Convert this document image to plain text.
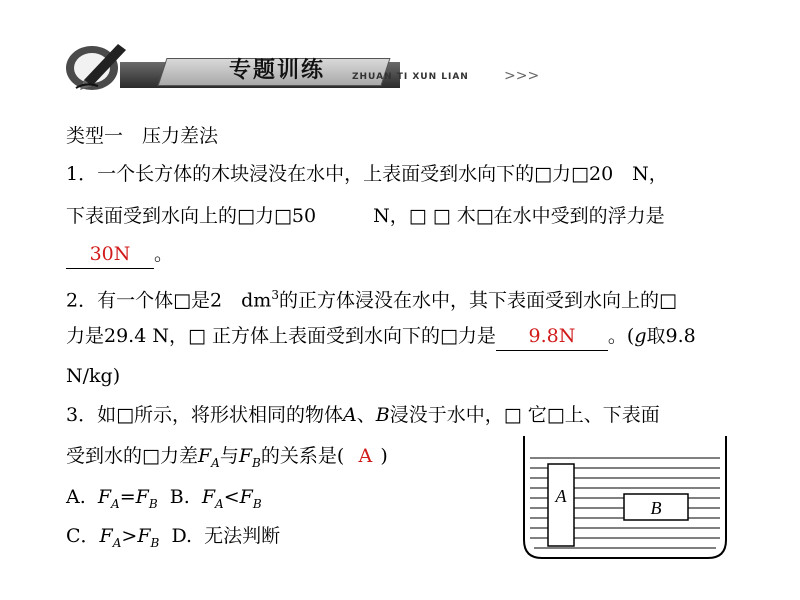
专题训练	ZHUAN TI XUN LIAN	>>>
类型一　压力差法
1．一个长方体的木块浸没在水中，上表面受到水向下的□力□20　N，
下表面受到水向上的□力□50　　　N，□ □ 木□在水中受到的浮力是
30N 。
2．有一个体□是2　$dm^3$的正方体浸没在水中，其下表面受到水向上的□
力是29.4 N，□ 正方体上表面受到水向下的□力是 9.8N 。(g取9.8
N/kg)
3．如□所示，将形状相同的物体A、B浸没于水中，□ 它□上、下表面
受到水的□力差$F_A$与$F_B$的关系是( A )
A. $F_A=F_B$ B. $F_A<F_B$
C．$F_A>F_B$ D. 无法判断
A
B
